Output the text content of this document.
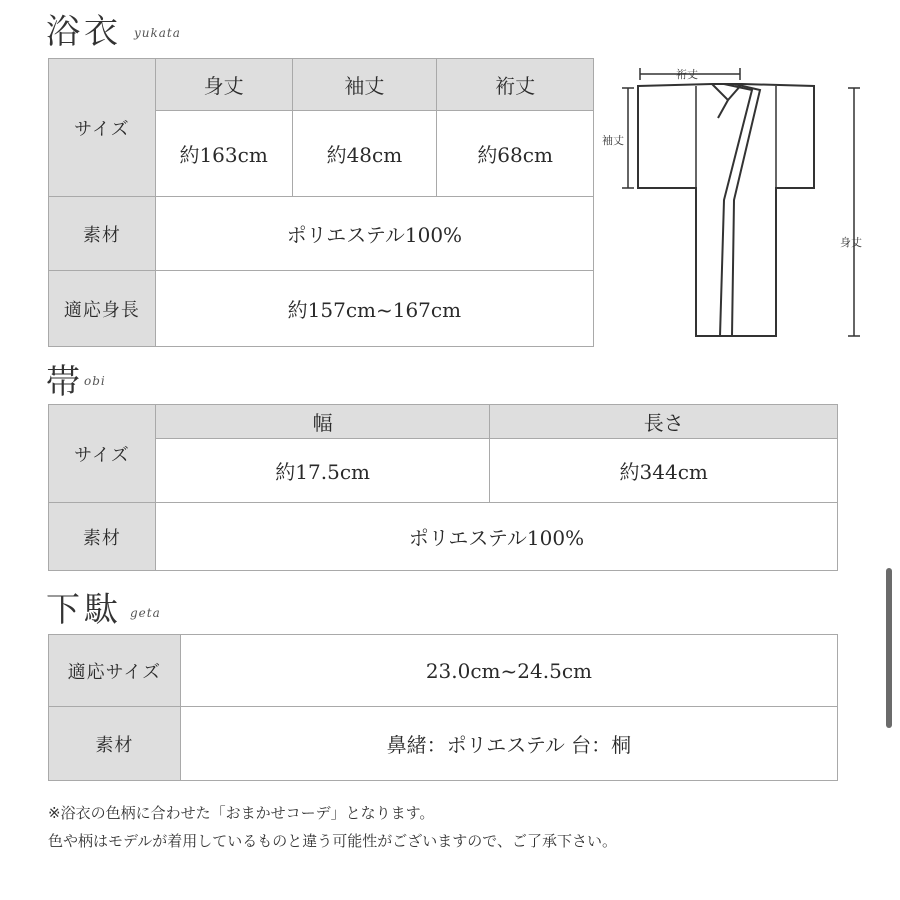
浴衣 yukata
サイズ	身丈	袖丈	裄丈
	約163cm	約48cm	約68cm
素材	ポリエステル100%		
適応身長	約157cm~167cm		
裄丈
袖丈
身丈
帯 obi
サイズ	幅	長さ
	約17.5cm	約344cm
素材	ポリエステル100%	
下駄 geta
適応サイズ	23.0cm~24.5cm
素材	鼻緒：ポリエステル 台：桐
※浴衣の色柄に合わせた「おまかせコーデ」となります。
色や柄はモデルが着用しているものと違う可能性がございますので、ご了承下さい。
